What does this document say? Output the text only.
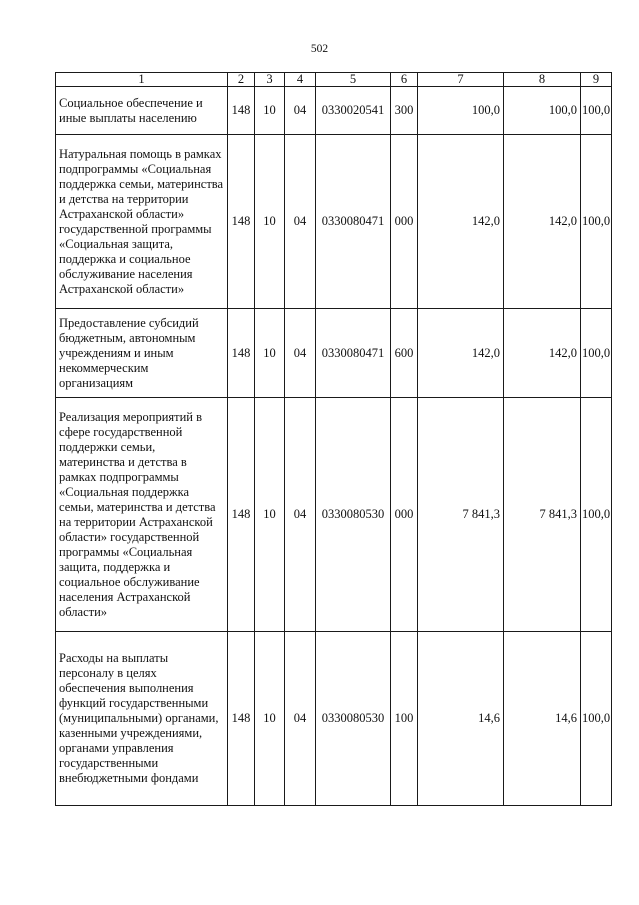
502
1	2	3	4	5	6	7	8	9
Социальное обеспечение и иные выплаты населению	148	10	04	0330020541	300	100,0	100,0	100,0
Натуральная помощь в рамках подпрограммы «Социальная поддержка семьи, материнства и детства на территории Астраханской области» государственной программы «Социальная защита, поддержка и социальное обслуживание населения Астраханской области»	148	10	04	0330080471	000	142,0	142,0	100,0
Предоставление субсидий бюджетным, автономным учреждениям и иным некоммерческим организациям	148	10	04	0330080471	600	142,0	142,0	100,0
Реализация мероприятий в сфере государственной поддержки семьи, материнства и детства в рамках подпрограммы «Социальная поддержка семьи, материнства и детства на территории Астраханской области» государственной программы «Социальная защита, поддержка и социальное обслуживание населения Астраханской области»	148	10	04	0330080530	000	7 841,3	7 841,3	100,0
Расходы на выплаты персоналу в целях обеспечения выполнения функций государственными (муниципальными) органами, казенными учреждениями, органами управления государственными внебюджетными фондами	148	10	04	0330080530	100	14,6	14,6	100,0
